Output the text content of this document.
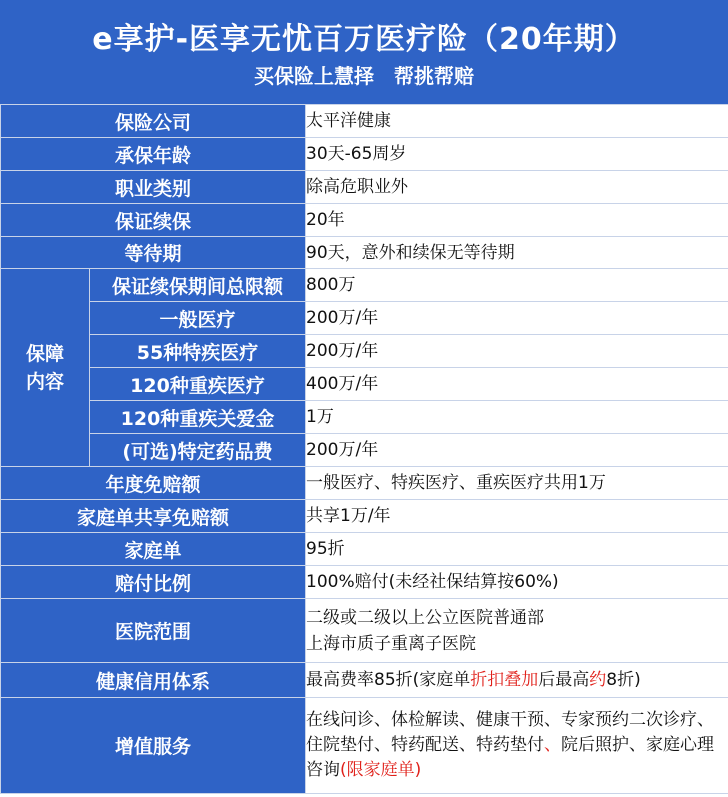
e享护-医享无忧百万医疗险（20年期）
买保险上慧择　帮挑帮赔
保险公司		太平洋健康
承保年龄		30天-65周岁
职业类别		除高危职业外
保证续保		20年
等待期		90天，意外和续保无等待期
保障
内容	保证续保期间总限额	800万
	一般医疗	200万/年
	55种特疾医疗	200万/年
	120种重疾医疗	400万/年
	120种重疾关爱金	1万
	(可选)特定药品费	200万/年
年度免赔额		一般医疗、特疾医疗、重疾医疗共用1万
家庭单共享免赔额		共享1万/年
家庭单		95折
赔付比例		100%赔付(未经社保结算按60%)
医院范围		二级或二级以上公立医院普通部
上海市质子重离子医院
健康信用体系		最高费率85折(家庭单折扣叠加后最高约8折)
增值服务		在线问诊、体检解读、健康干预、专家预约二次诊疗、住院垫付、特药配送、特药垫付、院后照护、家庭心理咨询(限家庭单)
